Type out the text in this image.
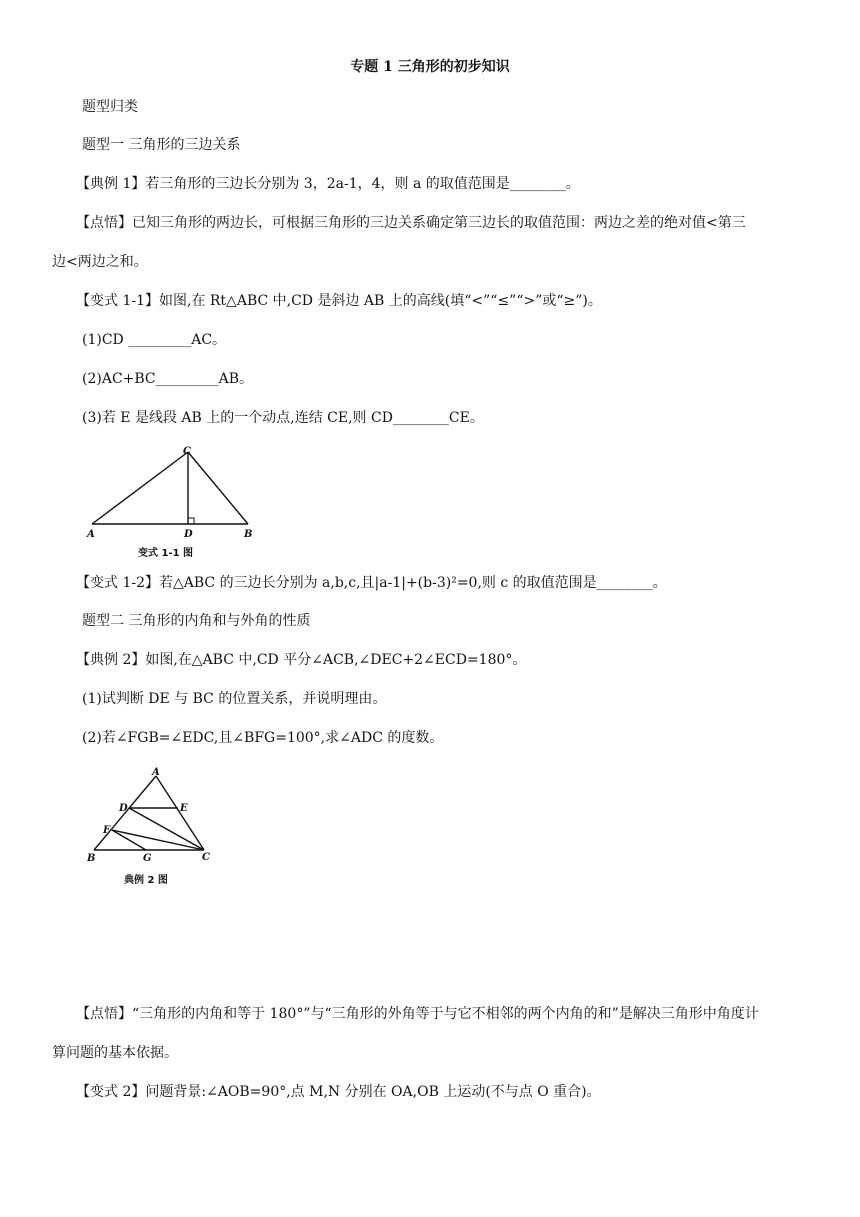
专题 1 三角形的初步知识
题型归类
题型一 三角形的三边关系
【典例 1】若三角形的三边长分别为 3，2a-1，4，则 a 的取值范围是________。
【点悟】已知三角形的两边长，可根据三角形的三边关系确定第三边长的取值范围：两边之差的绝对值<第三
边<两边之和。
【变式 1-1】如图,在 Rt△ABC 中,CD 是斜边 AB 上的高线(填“<”“≤”“>”或“≥”)。
(1)CD _________AC。
(2)AC+BC_________AB。
(3)若 E 是线段 AB 上的一个动点,连结 CE,则 CD________CE。
C
A	D	B
变式 1-1 图
【变式 1-2】若△ABC 的三边长分别为 a,b,c,且|a-1|+(b-3)²=0,则 c 的取值范围是________。
题型二 三角形的内角和与外角的性质
【典例 2】如图,在△ABC 中,CD 平分∠ACB,∠DEC+2∠ECD=180°。
(1)试判断 DE 与 BC 的位置关系，并说明理由。
(2)若∠FGB=∠EDC,且∠BFG=100°,求∠ADC 的度数。
A
D	E
F
B	G	C
典例 2 图
【点悟】“三角形的内角和等于 180°”与“三角形的外角等于与它不相邻的两个内角的和”是解决三角形中角度计
算问题的基本依据。
【变式 2】问题背景:∠AOB=90°,点 M,N 分别在 OA,OB 上运动(不与点 O 重合)。
